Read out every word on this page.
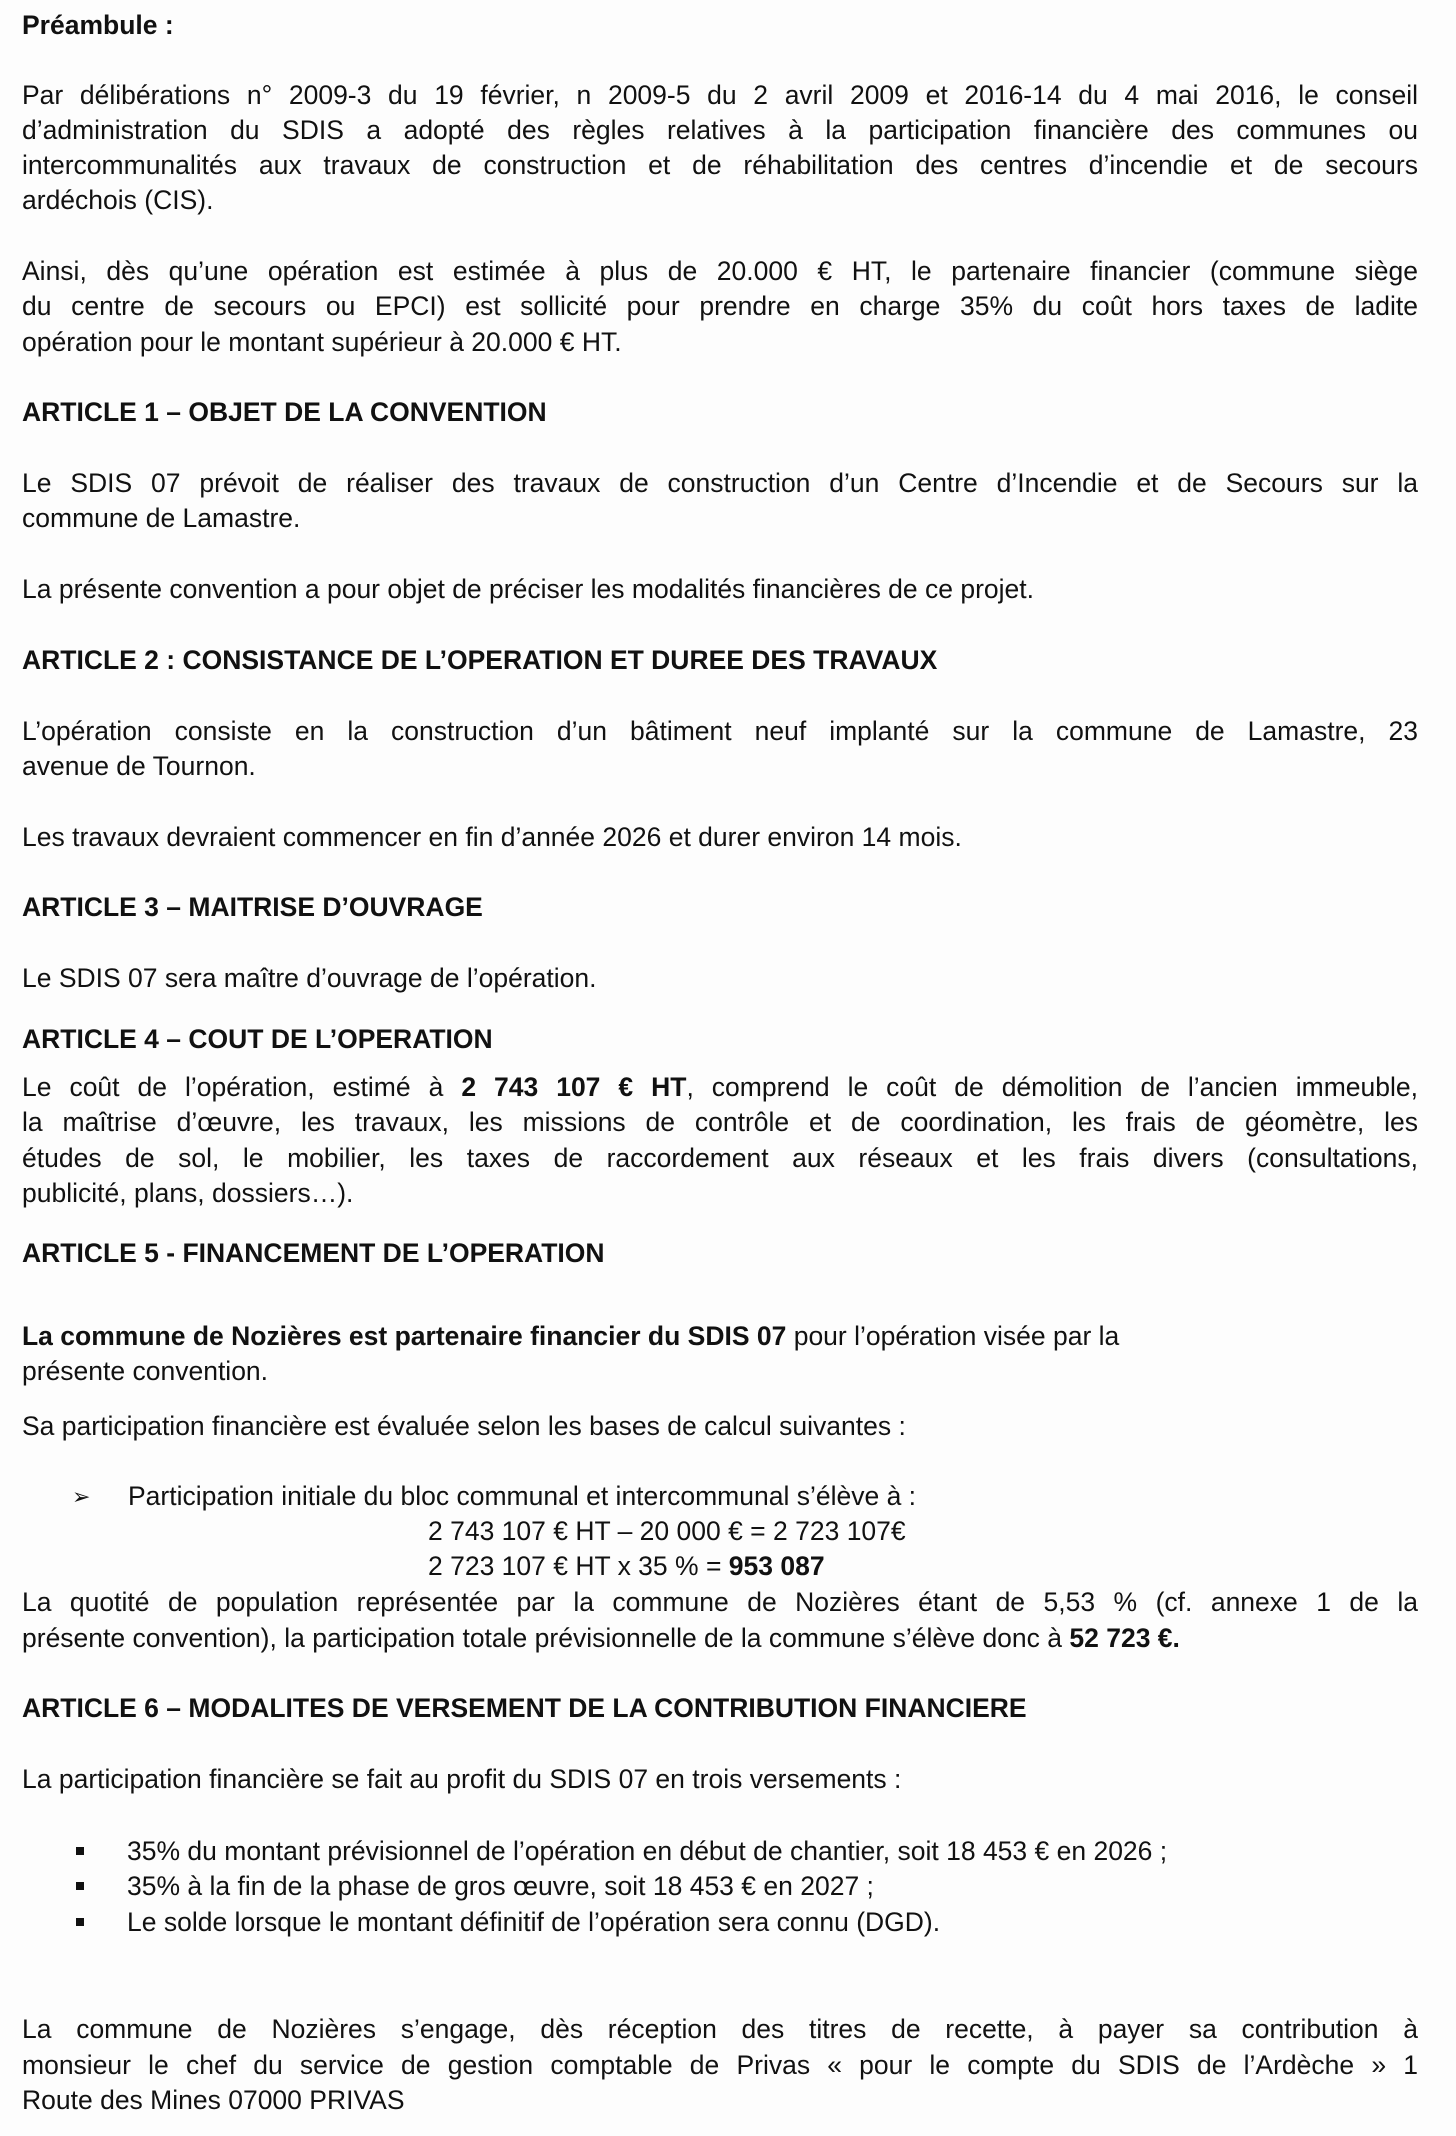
Préambule :
Par délibérations n° 2009-3 du 19 février, n 2009-5 du 2 avril 2009 et 2016-14 du 4 mai 2016, le conseil
d’administration du SDIS a adopté des règles relatives à la participation financière des communes ou
intercommunalités aux travaux de construction et de réhabilitation des centres d’incendie et de secours
ardéchois (CIS).
Ainsi, dès qu’une opération est estimée à plus de 20.000 € HT, le partenaire financier (commune siège
du centre de secours ou EPCI) est sollicité pour prendre en charge 35% du coût hors taxes de ladite
opération pour le montant supérieur à 20.000 € HT.
ARTICLE 1 – OBJET DE LA CONVENTION
Le SDIS 07 prévoit de réaliser des travaux de construction d’un Centre d’Incendie et de Secours sur la
commune de Lamastre.
La présente convention a pour objet de préciser les modalités financières de ce projet.
ARTICLE 2 : CONSISTANCE DE L’OPERATION ET DUREE DES TRAVAUX
L’opération consiste en la construction d’un bâtiment neuf implanté sur la commune de Lamastre, 23
avenue de Tournon.
Les travaux devraient commencer en fin d’année 2026 et durer environ 14 mois.
ARTICLE 3 – MAITRISE D’OUVRAGE
Le SDIS 07 sera maître d’ouvrage de l’opération.
ARTICLE 4 – COUT DE L’OPERATION
Le coût de l’opération, estimé à 2 743 107 € HT, comprend le coût de démolition de l’ancien immeuble,
la maîtrise d’œuvre, les travaux, les missions de contrôle et de coordination, les frais de géomètre, les
études de sol, le mobilier, les taxes de raccordement aux réseaux et les frais divers (consultations,
publicité, plans, dossiers…).
ARTICLE 5 - FINANCEMENT DE L’OPERATION
La commune de Nozières est partenaire financier du SDIS 07 pour l’opération visée par la
présente convention.
Sa participation financière est évaluée selon les bases de calcul suivantes :
➢ Participation initiale du bloc communal et intercommunal s’élève à :
2 743 107 € HT – 20 000 € = 2 723 107€
2 723 107 € HT x 35 % = 953 087
La quotité de population représentée par la commune de Nozières étant de 5,53 % (cf. annexe 1 de la
présente convention), la participation totale prévisionnelle de la commune s’élève donc à 52 723 €.
ARTICLE 6 – MODALITES DE VERSEMENT DE LA CONTRIBUTION FINANCIERE
La participation financière se fait au profit du SDIS 07 en trois versements :
35% du montant prévisionnel de l’opération en début de chantier, soit 18 453 € en 2026 ;
35% à la fin de la phase de gros œuvre, soit 18 453 € en 2027 ;
Le solde lorsque le montant définitif de l’opération sera connu (DGD).
La commune de Nozières s’engage, dès réception des titres de recette, à payer sa contribution à
monsieur le chef du service de gestion comptable de Privas « pour le compte du SDIS de l’Ardèche » 1
Route des Mines 07000 PRIVAS
